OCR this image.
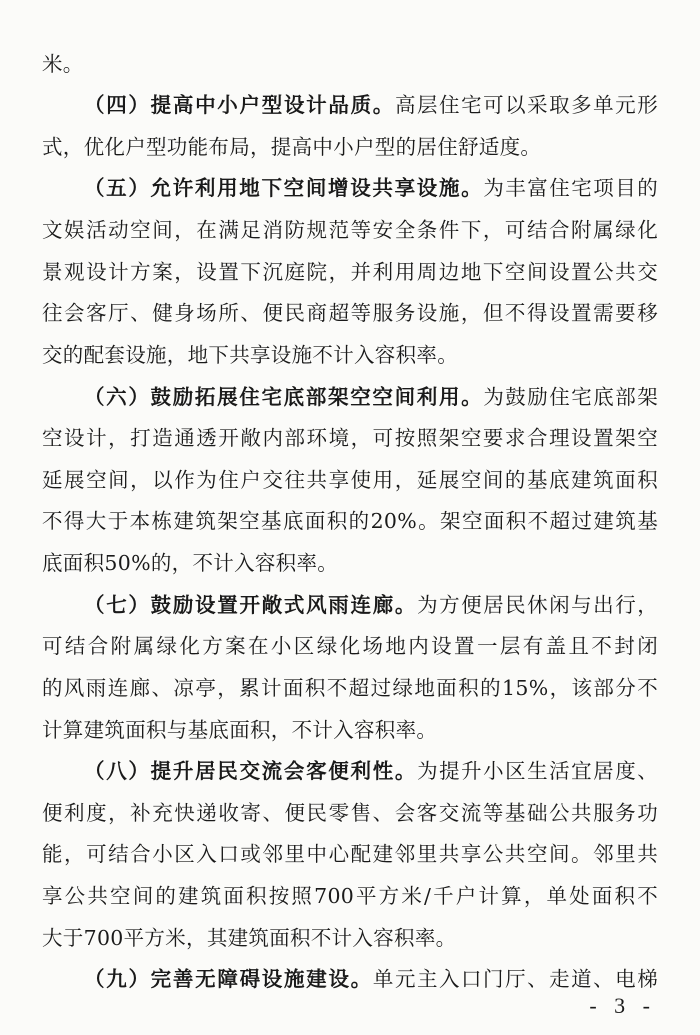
米。
（四）提高中小户型设计品质。高层住宅可以采取多单元形
式，优化户型功能布局，提高中小户型的居住舒适度。
（五）允许利用地下空间增设共享设施。为丰富住宅项目的
文娱活动空间，在满足消防规范等安全条件下，可结合附属绿化
景观设计方案，设置下沉庭院，并利用周边地下空间设置公共交
往会客厅、健身场所、便民商超等服务设施，但不得设置需要移
交的配套设施，地下共享设施不计入容积率。
（六）鼓励拓展住宅底部架空空间利用。为鼓励住宅底部架
空设计，打造通透开敞内部环境，可按照架空要求合理设置架空
延展空间，以作为住户交往共享使用，延展空间的基底建筑面积
不得大于本栋建筑架空基底面积的20%。架空面积不超过建筑基
底面积50%的，不计入容积率。
（七）鼓励设置开敞式风雨连廊。为方便居民休闲与出行，
可结合附属绿化方案在小区绿化场地内设置一层有盖且不封闭
的风雨连廊、凉亭，累计面积不超过绿地面积的15%，该部分不
计算建筑面积与基底面积，不计入容积率。
（八）提升居民交流会客便利性。为提升小区生活宜居度、
便利度，补充快递收寄、便民零售、会客交流等基础公共服务功
能，可结合小区入口或邻里中心配建邻里共享公共空间。邻里共
享公共空间的建筑面积按照700平方米/千户计算，单处面积不
大于700平方米，其建筑面积不计入容积率。
（九）完善无障碍设施建设。单元主入口门厅、走道、电梯
- 3 -
